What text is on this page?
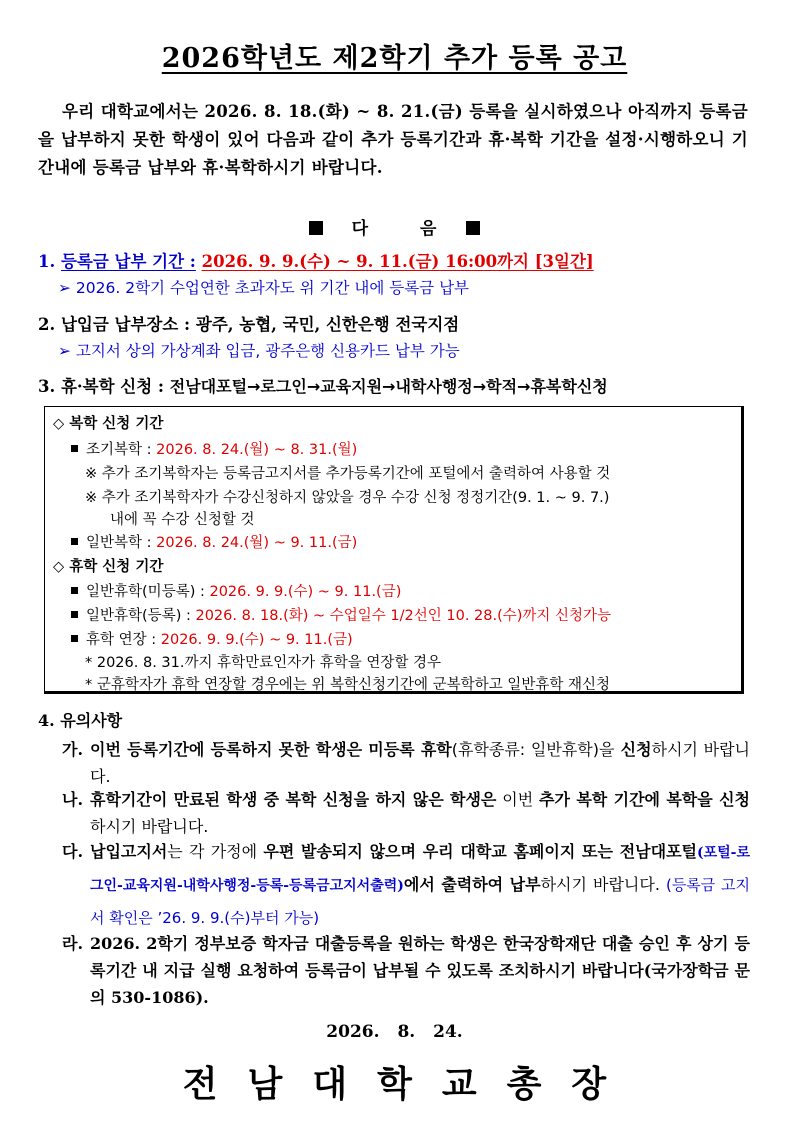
2026학년도 제2학기 추가 등록 공고
우리 대학교에서는 2026. 8. 18.(화) ~ 8. 21.(금) 등록을 실시하였으나 아직까지 등록금을 납부하지 못한 학생이 있어 다음과 같이 추가 등록기간과 휴·복학 기간을 설정·시행하오니 기간내에 등록금 납부와 휴·복학하시기 바랍니다.
다	음
1. 등록금 납부 기간 : 2026. 9. 9.(수) ~ 9. 11.(금) 16:00까지 [3일간]
➢ 2026. 2학기 수업연한 초과자도 위 기간 내에 등록금 납부
2. 납입금 납부장소 : 광주, 농협, 국민, 신한은행 전국지점
➢ 고지서 상의 가상계좌 입금, 광주은행 신용카드 납부 가능
3. 휴·복학 신청 : 전남대포털→로그인→교육지원→내학사행정→학적→휴복학신청
◇ 복학 신청 기간
조기복학 : 2026. 8. 24.(월) ~ 8. 31.(월)
※ 추가 조기복학자는 등록금고지서를 추가등록기간에 포털에서 출력하여 사용할 것
※ 추가 조기복학자가 수강신청하지 않았을 경우 수강 신청 정정기간(9. 1. ~ 9. 7.)
내에 꼭 수강 신청할 것
일반복학 : 2026. 8. 24.(월) ~ 9. 11.(금)
◇ 휴학 신청 기간
일반휴학(미등록) : 2026. 9. 9.(수) ~ 9. 11.(금)
일반휴학(등록) : 2026. 8. 18.(화) ~ 수업일수 1/2선인 10. 28.(수)까지 신청가능
휴학 연장 : 2026. 9. 9.(수) ~ 9. 11.(금)
* 2026. 8. 31.까지 휴학만료인자가 휴학을 연장할 경우
* 군휴학자가 휴학 연장할 경우에는 위 복학신청기간에 군복학하고 일반휴학 재신청
4. 유의사항
가. 이번 등록기간에 등록하지 못한 학생은 미등록 휴학(휴학종류: 일반휴학)을 신청하시기 바랍니다.
나. 휴학기간이 만료된 학생 중 복학 신청을 하지 않은 학생은 이번 추가 복학 기간에 복학을 신청하시기 바랍니다.
다. 납입고지서는 각 가정에 우편 발송되지 않으며 우리 대학교 홈페이지 또는 전남대포털(포털-로그인-교육지원-내학사행정-등록-등록금고지서출력)에서 출력하여 납부하시기 바랍니다. (등록금 고지서 확인은 ’26. 9. 9.(수)부터 가능)
라. 2026. 2학기 정부보증 학자금 대출등록을 원하는 학생은 한국장학재단 대출 승인 후 상기 등록기간 내 지급 실행 요청하여 등록금이 납부될 수 있도록 조치하시기 바랍니다(국가장학금 문의 530-1086).
2026. 8. 24.
전남대학교총장
